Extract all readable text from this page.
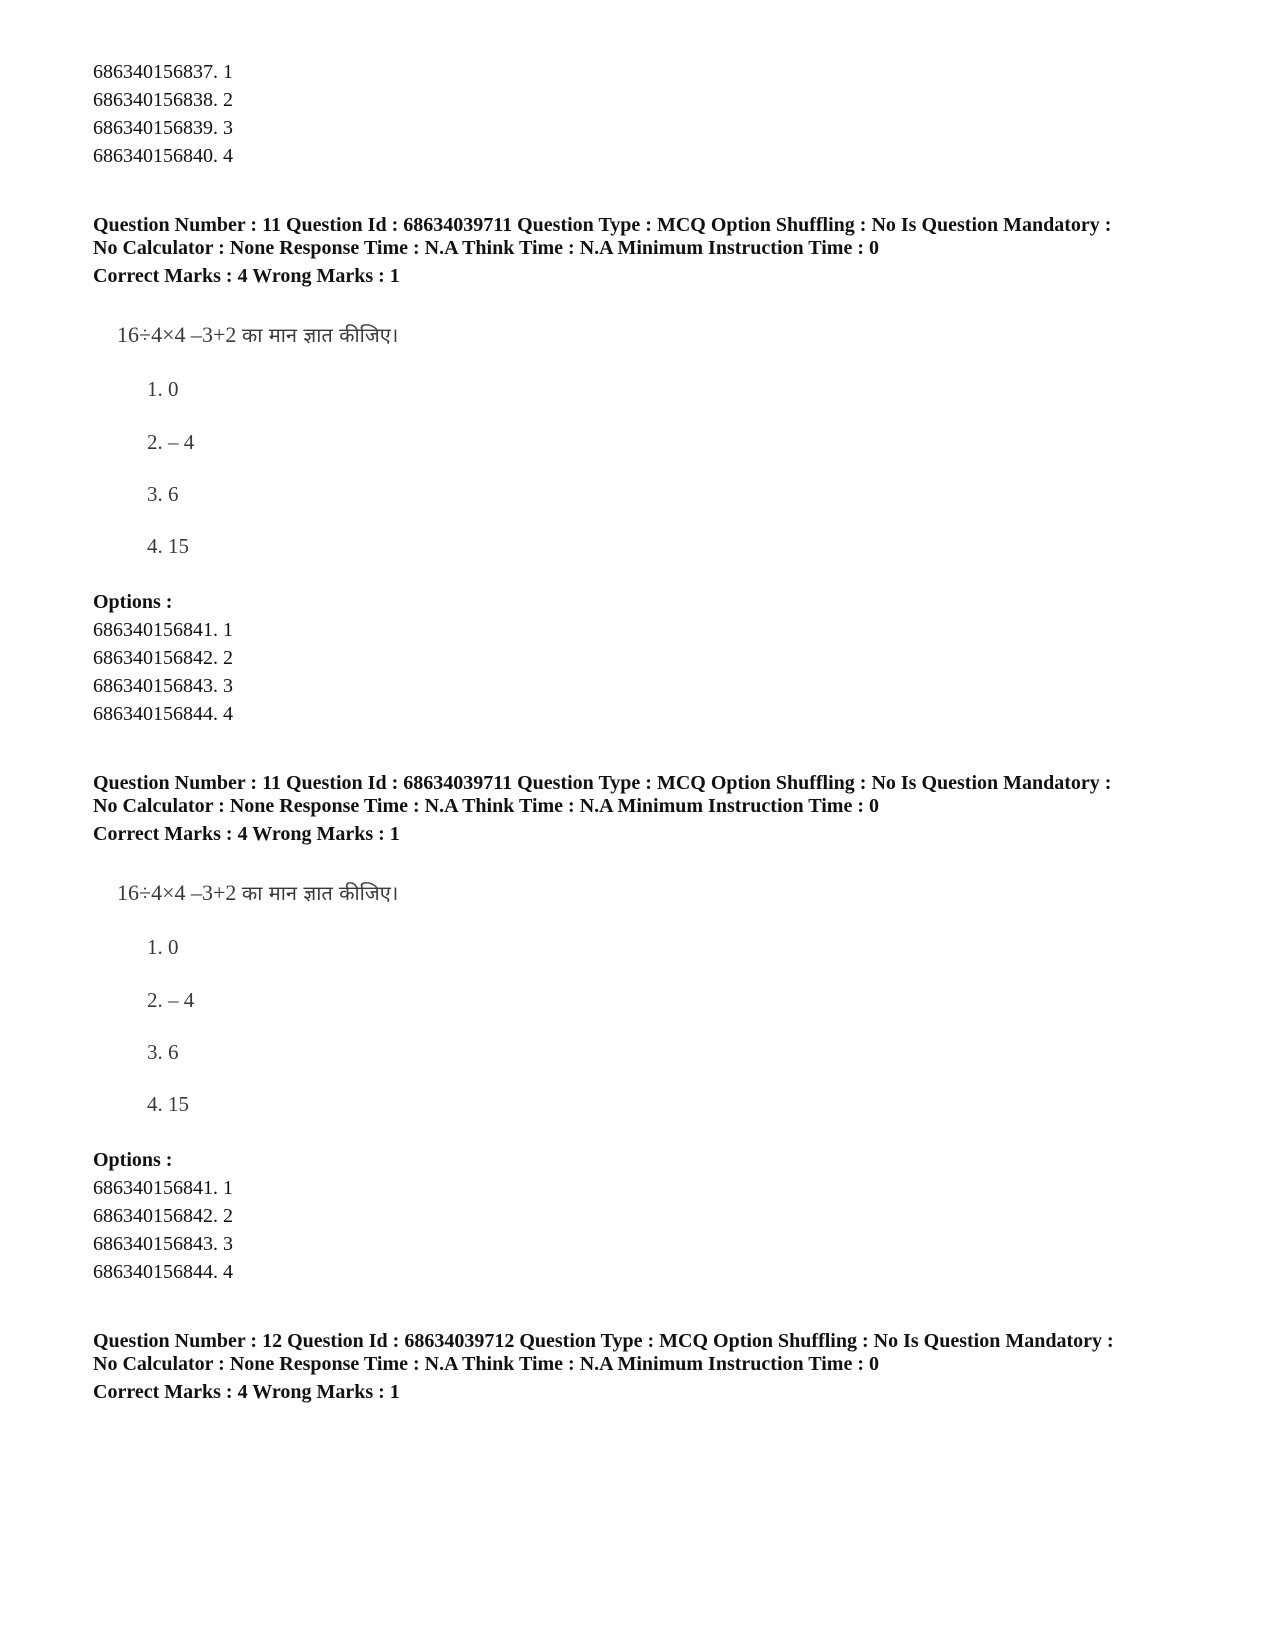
686340156837. 1
686340156838. 2
686340156839. 3
686340156840. 4
Question Number : 11 Question Id : 68634039711 Question Type : MCQ Option Shuffling : No Is Question Mandatory :
No Calculator : None Response Time : N.A Think Time : N.A Minimum Instruction Time : 0
Correct Marks : 4 Wrong Marks : 1
16÷4×4 –3+2 का मान ज्ञात कीजिए।
1. 0
2. – 4
3. 6
4. 15
Options :
686340156841. 1
686340156842. 2
686340156843. 3
686340156844. 4
Question Number : 11 Question Id : 68634039711 Question Type : MCQ Option Shuffling : No Is Question Mandatory :
No Calculator : None Response Time : N.A Think Time : N.A Minimum Instruction Time : 0
Correct Marks : 4 Wrong Marks : 1
16÷4×4 –3+2 का मान ज्ञात कीजिए।
1. 0
2. – 4
3. 6
4. 15
Options :
686340156841. 1
686340156842. 2
686340156843. 3
686340156844. 4
Question Number : 12 Question Id : 68634039712 Question Type : MCQ Option Shuffling : No Is Question Mandatory :
No Calculator : None Response Time : N.A Think Time : N.A Minimum Instruction Time : 0
Correct Marks : 4 Wrong Marks : 1
